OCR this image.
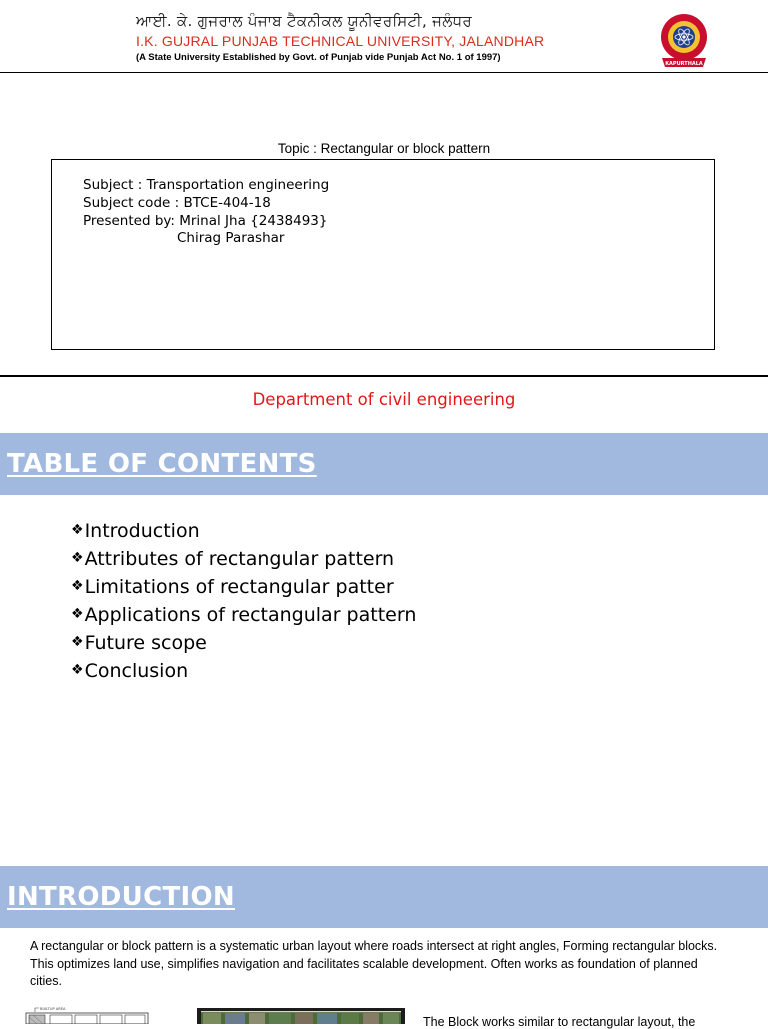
ਆਈ. ਕੇ. ਗੁਜਰਾਲ ਪੰਜਾਬ ਟੈਕਨੀਕਲ ਯੂਨੀਵਰਸਿਟੀ, ਜਲੰਧਰ
I.K. GUJRAL PUNJAB TECHNICAL UNIVERSITY, JALANDHAR
(A State University Established by Govt. of Punjab vide Punjab Act No. 1 of 1997)
KAPURTHALA
Topic : Rectangular or block pattern
Subject : Transportation engineering
Subject code : BTCE-404-18
Presented by: Mrinal Jha {2438493}
Chirag Parashar
Department of civil engineering
TABLE OF CONTENTS
❖Introduction
❖Attributes of rectangular pattern
❖Limitations of rectangular patter
❖Applications of rectangular pattern
❖Future scope
❖Conclusion
INTRODUCTION
A rectangular or block pattern is a systematic urban layout where roads intersect at right angles, Forming rectangular blocks. This optimizes land use, simplifies navigation and facilitates scalable development. Often works as foundation of planned cities.
BUILTUP AREA
The Block works similar to rectangular layout, the
